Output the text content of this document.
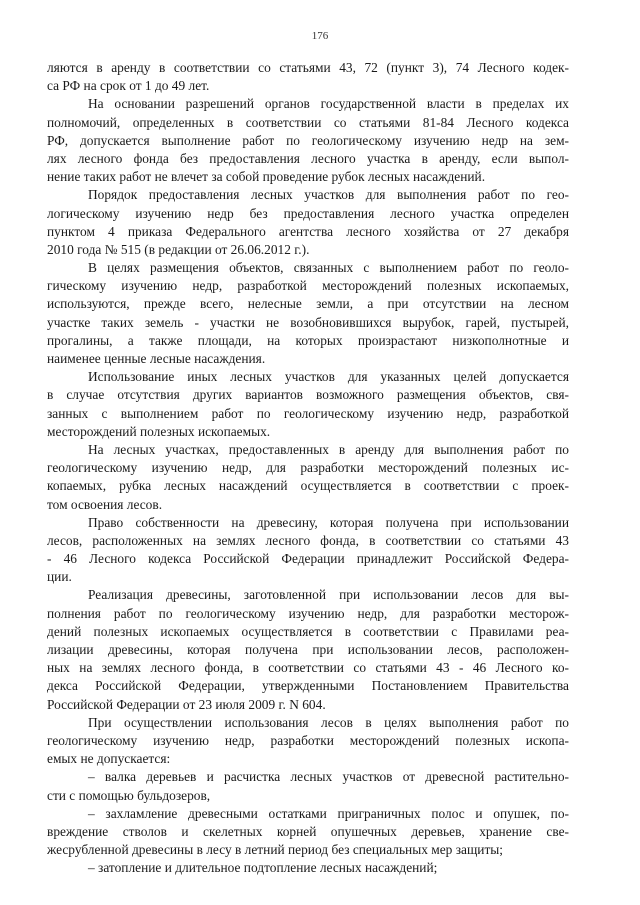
176
ляются в аренду в соответствии со статьями 43, 72 (пункт 3), 74 Лесного кодек-
са РФ на срок от 1 до 49 лет.
На основании разрешений органов государственной власти в пределах их
полномочий, определенных в соответствии со статьями 81-84 Лесного кодекса
РФ, допускается выполнение работ по геологическому изучению недр на зем-
лях лесного фонда без предоставления лесного участка в аренду, если выпол-
нение таких работ не влечет за собой проведение рубок лесных насаждений.
Порядок предоставления лесных участков для выполнения работ по гео-
логическому изучению недр без предоставления лесного участка определен
пунктом 4 приказа Федерального агентства лесного хозяйства от 27 декабря
2010 года № 515 (в редакции от 26.06.2012 г.).
В целях размещения объектов, связанных с выполнением работ по геоло-
гическому изучению недр, разработкой месторождений полезных ископаемых,
используются, прежде всего, нелесные земли, а при отсутствии на лесном
участке таких земель - участки не возобновившихся вырубок, гарей, пустырей,
прогалины, а также площади, на которых произрастают низкополнотные и
наименее ценные лесные насаждения.
Использование иных лесных участков для указанных целей допускается
в случае отсутствия других вариантов возможного размещения объектов, свя-
занных с выполнением работ по геологическому изучению недр, разработкой
месторождений полезных ископаемых.
На лесных участках, предоставленных в аренду для выполнения работ по
геологическому изучению недр, для разработки месторождений полезных ис-
копаемых, рубка лесных насаждений осуществляется в соответствии с проек-
том освоения лесов.
Право собственности на древесину, которая получена при использовании
лесов, расположенных на землях лесного фонда, в соответствии со статьями 43
- 46 Лесного кодекса Российской Федерации принадлежит Российской Федера-
ции.
Реализация древесины, заготовленной при использовании лесов для вы-
полнения работ по геологическому изучению недр, для разработки месторож-
дений полезных ископаемых осуществляется в соответствии с Правилами реа-
лизации древесины, которая получена при использовании лесов, расположен-
ных на землях лесного фонда, в соответствии со статьями 43 - 46 Лесного ко-
декса Российской Федерации, утвержденными Постановлением Правительства
Российской Федерации от 23 июля 2009 г. N 604.
При осуществлении использования лесов в целях выполнения работ по
геологическому изучению недр, разработки месторождений полезных ископа-
емых не допускается:
– валка деревьев и расчистка лесных участков от древесной растительно-
сти с помощью бульдозеров,
– захламление древесными остатками приграничных полос и опушек, по-
вреждение стволов и скелетных корней опушечных деревьев, хранение све-
жесрубленной древесины в лесу в летний период без специальных мер защиты;
– затопление и длительное подтопление лесных насаждений;
